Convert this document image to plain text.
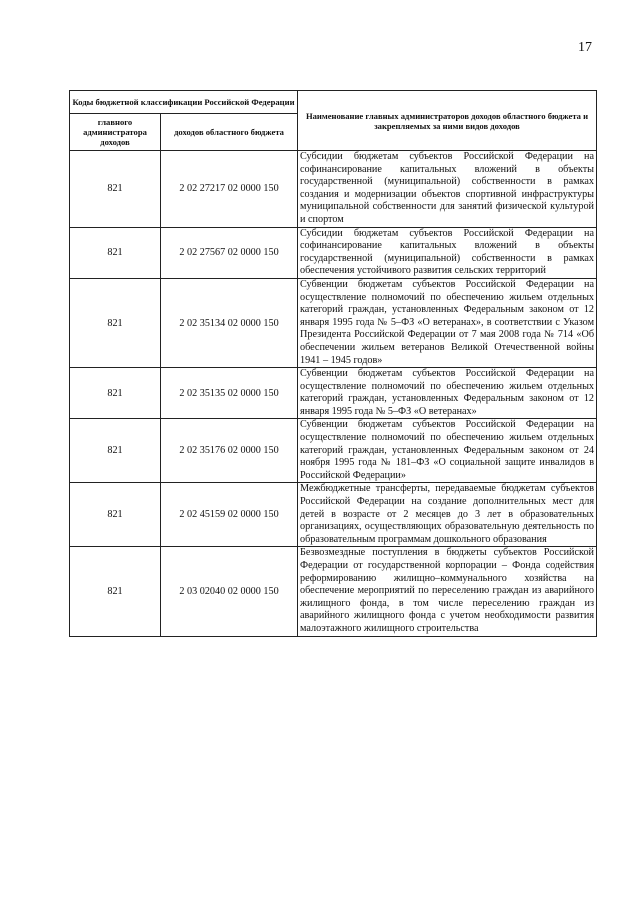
17
Коды бюджетной классификации Российской Федерации		Наименование главных администраторов доходов областного бюджета и закрепляемых за ними видов доходов
главного администратора доходов	доходов областного бюджета	
821	2 02 27217 02 0000 150	Субсидии бюджетам субъектов Российской Федерации на софинансирование капитальных вложений в объекты государственной (муниципальной) собственности в рамках создания и модернизации объектов спортивной инфраструктуры муниципальной собственности для занятий физической культурой и спортом
821	2 02 27567 02 0000 150	Субсидии бюджетам субъектов Российской Федерации на софинансирование капитальных вложений в объекты государственной (муниципальной) собственности в рамках обеспечения устойчивого развития сельских территорий
821	2 02 35134 02 0000 150	Субвенции бюджетам субъектов Российской Федерации на осуществление полномочий по обеспечению жильем отдельных категорий граждан, установленных Федеральным законом от 12 января 1995 года № 5–ФЗ «О ветеранах», в соответствии с Указом Президента Российской Федерации от 7 мая 2008 года № 714 «Об обеспечении жильем ветеранов Великой Отечественной войны 1941 – 1945 годов»
821	2 02 35135 02 0000 150	Субвенции бюджетам субъектов Российской Федерации на осуществление полномочий по обеспечению жильем отдельных категорий граждан, установленных Федеральным законом от 12 января 1995 года № 5–ФЗ «О ветеранах»
821	2 02 35176 02 0000 150	Субвенции бюджетам субъектов Российской Федерации на осуществление полномочий по обеспечению жильем отдельных категорий граждан, установленных Федеральным законом от 24 ноября 1995 года № 181–ФЗ «О социальной защите инвалидов в Российской Федерации»
821	2 02 45159 02 0000 150	Межбюджетные трансферты, передаваемые бюджетам субъектов Российской Федерации на создание дополнительных мест для детей в возрасте от 2 месяцев до 3 лет в образовательных организациях, осуществляющих образовательную деятельность по образовательным программам дошкольного образования
821	2 03 02040 02 0000 150	Безвозмездные поступления в бюджеты субъектов Российской Федерации от государственной корпорации – Фонда содействия реформированию жилищно–коммунального хозяйства на обеспечение мероприятий по переселению граждан из аварийного жилищного фонда, в том числе переселению граждан из аварийного жилищного фонда с учетом необходимости развития малоэтажного жилищного строительства
